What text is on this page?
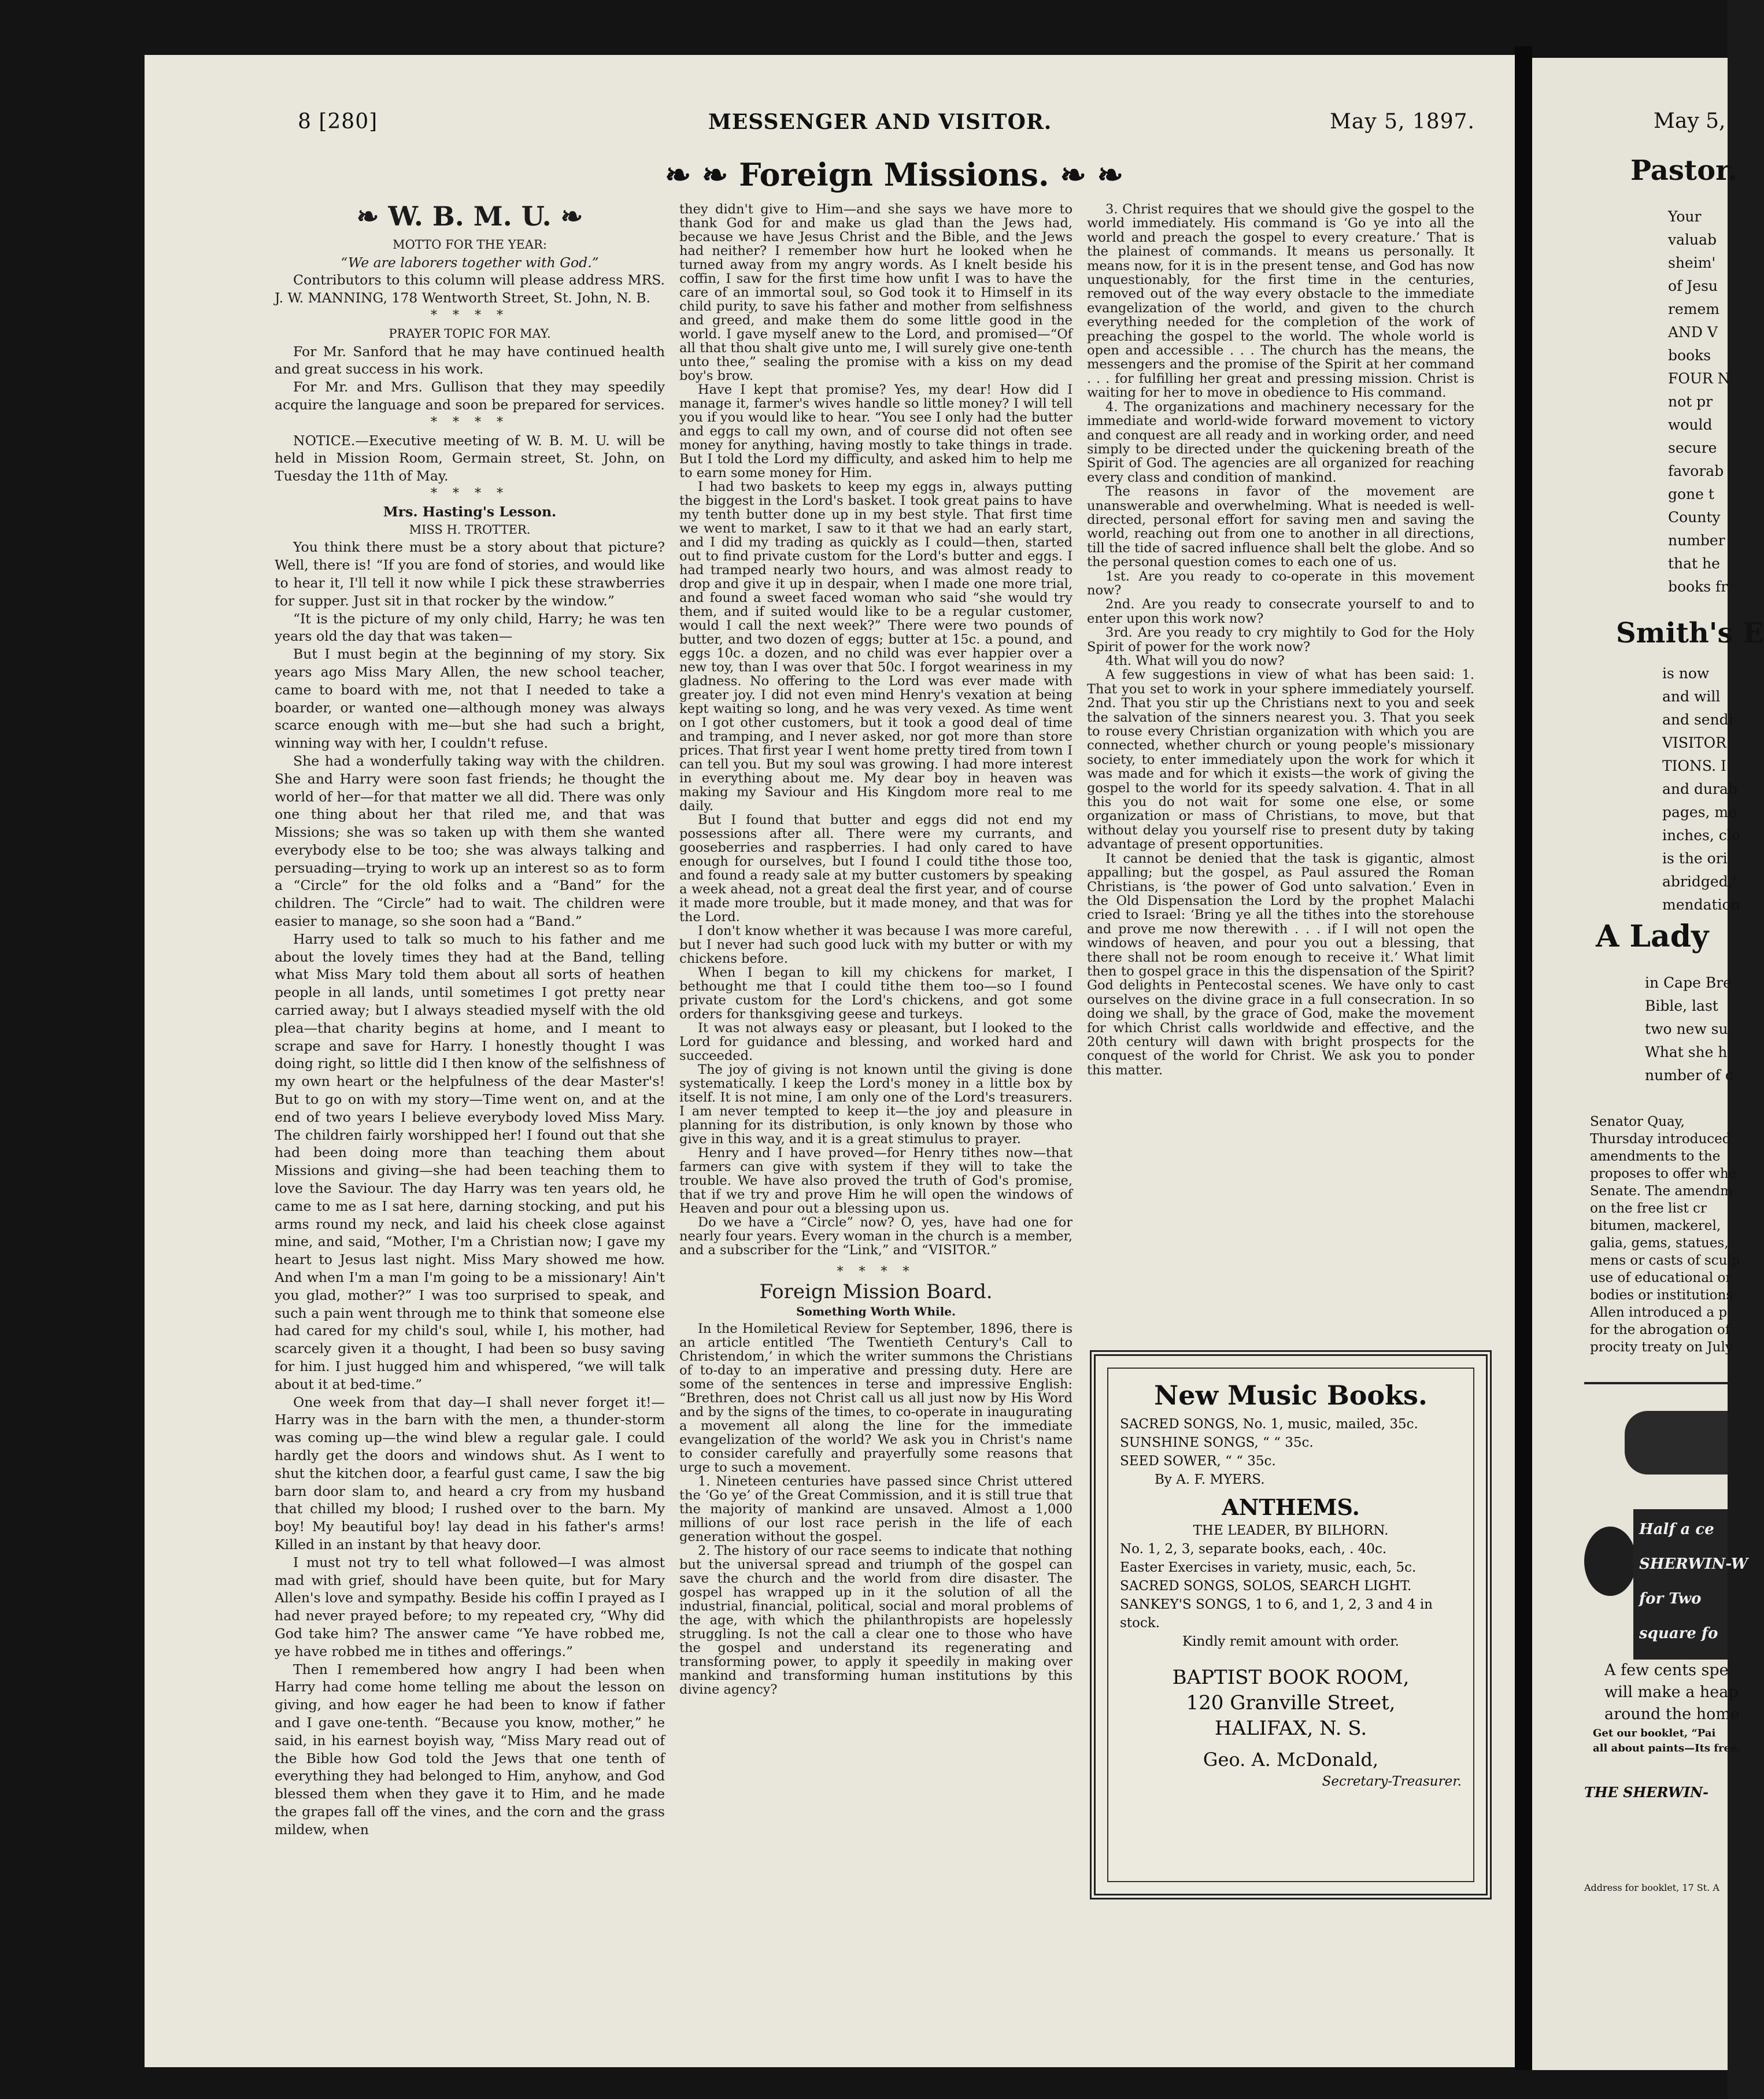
8 [280]	MESSENGER AND VISITOR.	May 5, 1897.
❧ ❧ Foreign Missions. ❧ ❧
❧ W. B. M. U. ❧

MOTTO FOR THE YEAR:

“We are laborers together with God.”

Contributors to this column will please address MRS. J. W. MANNING, 178 Wentworth Street, St. John, N. B.

* * * *

PRAYER TOPIC FOR MAY.

For Mr. Sanford that he may have continued health and great success in his work.

For Mr. and Mrs. Gullison that they may speedily acquire the language and soon be prepared for services.

* * * *

NOTICE.—Executive meeting of W. B. M. U. will be held in Mission Room, Germain street, St. John, on Tuesday the 11th of May.

* * * *

Mrs. Hasting's Lesson.

MISS H. TROTTER.

You think there must be a story about that picture? Well, there is! “If you are fond of stories, and would like to hear it, I'll tell it now while I pick these strawberries for supper. Just sit in that rocker by the window.”

“It is the picture of my only child, Harry; he was ten years old the day that was taken—

But I must begin at the beginning of my story. Six years ago Miss Mary Allen, the new school teacher, came to board with me, not that I needed to take a boarder, or wanted one—although money was always scarce enough with me—but she had such a bright, winning way with her, I couldn't refuse.

She had a wonderfully taking way with the children. She and Harry were soon fast friends; he thought the world of her—for that matter we all did. There was only one thing about her that riled me, and that was Missions; she was so taken up with them she wanted everybody else to be too; she was always talking and persuading—trying to work up an interest so as to form a “Circle” for the old folks and a “Band” for the children. The “Circle” had to wait. The children were easier to manage, so she soon had a “Band.”

Harry used to talk so much to his father and me about the lovely times they had at the Band, telling what Miss Mary told them about all sorts of heathen people in all lands, until sometimes I got pretty near carried away; but I always steadied myself with the old plea—that charity begins at home, and I meant to scrape and save for Harry. I honestly thought I was doing right, so little did I then know of the selfishness of my own heart or the helpfulness of the dear Master's! But to go on with my story—Time went on, and at the end of two years I believe everybody loved Miss Mary. The children fairly worshipped her! I found out that she had been doing more than teaching them about Missions and giving—she had been teaching them to love the Saviour. The day Harry was ten years old, he came to me as I sat here, darning stocking, and put his arms round my neck, and laid his cheek close against mine, and said, “Mother, I'm a Christian now; I gave my heart to Jesus last night. Miss Mary showed me how. And when I'm a man I'm going to be a missionary! Ain't you glad, mother?” I was too surprised to speak, and such a pain went through me to think that someone else had cared for my child's soul, while I, his mother, had scarcely given it a thought, I had been so busy saving for him. I just hugged him and whispered, “we will talk about it at bed-time.”

One week from that day—I shall never forget it!—Harry was in the barn with the men, a thunder-storm was coming up—the wind blew a regular gale. I could hardly get the doors and windows shut. As I went to shut the kitchen door, a fearful gust came, I saw the big barn door slam to, and heard a cry from my husband that chilled my blood; I rushed over to the barn. My boy! My beautiful boy! lay dead in his father's arms! Killed in an instant by that heavy door.

I must not try to tell what followed—I was almost mad with grief, should have been quite, but for Mary Allen's love and sympathy. Beside his coffin I prayed as I had never prayed before; to my repeated cry, “Why did God take him? The answer came “Ye have robbed me, ye have robbed me in tithes and offerings.”

Then I remembered how angry I had been when Harry had come home telling me about the lesson on giving, and how eager he had been to know if father and I gave one-tenth. “Because you know, mother,” he said, in his earnest boyish way, “Miss Mary read out of the Bible how God told the Jews that one tenth of everything they had belonged to Him, anyhow, and God blessed them when they gave it to Him, and he made the grapes fall off the vines, and the corn and the grass mildew, when

they didn't give to Him—and she says we have more to thank God for and make us glad than the Jews had, because we have Jesus Christ and the Bible, and the Jews had neither? I remember how hurt he looked when he turned away from my angry words. As I knelt beside his coffin, I saw for the first time how unfit I was to have the care of an immortal soul, so God took it to Himself in its child purity, to save his father and mother from selfishness and greed, and make them do some little good in the world. I gave myself anew to the Lord, and promised—“Of all that thou shalt give unto me, I will surely give one-tenth unto thee,” sealing the promise with a kiss on my dead boy's brow.

Have I kept that promise? Yes, my dear! How did I manage it, farmer's wives handle so little money? I will tell you if you would like to hear. “You see I only had the butter and eggs to call my own, and of course did not often see money for anything, having mostly to take things in trade. But I told the Lord my difficulty, and asked him to help me to earn some money for Him.

I had two baskets to keep my eggs in, always putting the biggest in the Lord's basket. I took great pains to have my tenth butter done up in my best style. That first time we went to market, I saw to it that we had an early start, and I did my trading as quickly as I could—then, started out to find private custom for the Lord's butter and eggs. I had tramped nearly two hours, and was almost ready to drop and give it up in despair, when I made one more trial, and found a sweet faced woman who said “she would try them, and if suited would like to be a regular customer, would I call the next week?” There were two pounds of butter, and two dozen of eggs; butter at 15c. a pound, and eggs 10c. a dozen, and no child was ever happier over a new toy, than I was over that 50c. I forgot weariness in my gladness. No offering to the Lord was ever made with greater joy. I did not even mind Henry's vexation at being kept waiting so long, and he was very vexed. As time went on I got other customers, but it took a good deal of time and tramping, and I never asked, nor got more than store prices. That first year I went home pretty tired from town I can tell you. But my soul was growing. I had more interest in everything about me. My dear boy in heaven was making my Saviour and His Kingdom more real to me daily.

But I found that butter and eggs did not end my possessions after all. There were my currants, and gooseberries and raspberries. I had only cared to have enough for ourselves, but I found I could tithe those too, and found a ready sale at my butter customers by speaking a week ahead, not a great deal the first year, and of course it made more trouble, but it made money, and that was for the Lord.

I don't know whether it was because I was more careful, but I never had such good luck with my butter or with my chickens before.

When I began to kill my chickens for market, I bethought me that I could tithe them too—so I found private custom for the Lord's chickens, and got some orders for thanksgiving geese and turkeys.

It was not always easy or pleasant, but I looked to the Lord for guidance and blessing, and worked hard and succeeded.

The joy of giving is not known until the giving is done systematically. I keep the Lord's money in a little box by itself. It is not mine, I am only one of the Lord's treasurers. I am never tempted to keep it—the joy and pleasure in planning for its distribution, is only known by those who give in this way, and it is a great stimulus to prayer.

Henry and I have proved—for Henry tithes now—that farmers can give with system if they will to take the trouble. We have also proved the truth of God's promise, that if we try and prove Him he will open the windows of Heaven and pour out a blessing upon us.

Do we have a “Circle” now? O, yes, have had one for nearly four years. Every woman in the church is a member, and a subscriber for the “Link,” and “VISITOR.”

* * * *

Foreign Mission Board.

Something Worth While.

In the Homiletical Review for September, 1896, there is an article entitled ‘The Twentieth Century's Call to Christendom,’ in which the writer summons the Christians of to-day to an imperative and pressing duty. Here are some of the sentences in terse and impressive English: “Brethren, does not Christ call us all just now by His Word and by the signs of the times, to co-operate in inaugurating a movement all along the line for the immediate evangelization of the world? We ask you in Christ's name to consider carefully and prayerfully some reasons that urge to such a movement.

1. Nineteen centuries have passed since Christ uttered the ‘Go ye’ of the Great Commission, and it is still true that the majority of mankind are unsaved. Almost a 1,000 millions of our lost race perish in the life of each generation without the gospel.

2. The history of our race seems to indicate that nothing but the universal spread and triumph of the gospel can save the church and the world from dire disaster. The gospel has wrapped up in it the solution of all the industrial, financial, political, social and moral problems of the age, with which the philanthropists are hopelessly struggling. Is not the call a clear one to those who have the gospel and understand its regenerating and transforming power, to apply it speedily in making over mankind and transforming human institutions by this divine agency?

3. Christ requires that we should give the gospel to the world immediately. His command is ‘Go ye into all the world and preach the gospel to every creature.’ That is the plainest of commands. It means us personally. It means now, for it is in the present tense, and God has now unquestionably, for the first time in the centuries, removed out of the way every obstacle to the immediate evangelization of the world, and given to the church everything needed for the completion of the work of preaching the gospel to the world. The whole world is open and accessible . . . The church has the means, the messengers and the promise of the Spirit at her command . . . for fulfilling her great and pressing mission. Christ is waiting for her to move in obedience to His command.

4. The organizations and machinery necessary for the immediate and world-wide forward movement to victory and conquest are all ready and in working order, and need simply to be directed under the quickening breath of the Spirit of God. The agencies are all organized for reaching every class and condition of mankind.

The reasons in favor of the movement are unanswerable and overwhelming. What is needed is well-directed, personal effort for saving men and saving the world, reaching out from one to another in all directions, till the tide of sacred influence shall belt the globe. And so the personal question comes to each one of us.

1st. Are you ready to co-operate in this movement now?

2nd. Are you ready to consecrate yourself to and to enter upon this work now?

3rd. Are you ready to cry mightily to God for the Holy Spirit of power for the work now?

4th. What will you do now?

A few suggestions in view of what has been said: 1. That you set to work in your sphere immediately yourself. 2nd. That you stir up the Christians next to you and seek the salvation of the sinners nearest you. 3. That you seek to rouse every Christian organization with which you are connected, whether church or young people's missionary society, to enter immediately upon the work for which it was made and for which it exists—the work of giving the gospel to the world for its speedy salvation. 4. That in all this you do not wait for some one else, or some organization or mass of Christians, to move, but that without delay you yourself rise to present duty by taking advantage of present opportunities.

It cannot be denied that the task is gigantic, almost appalling; but the gospel, as Paul assured the Roman Christians, is ‘the power of God unto salvation.’ Even in the Old Dispensation the Lord by the prophet Malachi cried to Israel: ‘Bring ye all the tithes into the storehouse and prove me now therewith . . . if I will not open the windows of heaven, and pour you out a blessing, that there shall not be room enough to receive it.’ What limit then to gospel grace in this the dispensation of the Spirit? God delights in Pentecostal scenes. We have only to cast ourselves on the divine grace in a full consecration. In so doing we shall, by the grace of God, make the movement for which Christ calls worldwide and effective, and the 20th century will dawn with bright prospects for the conquest of the world for Christ. We ask you to ponder this matter.

New Music Books.
SACRED SONGS, No. 1, music, mailed, 35c.
SUNSHINE SONGS, “ “ 35c.
SEED SOWER, “ “ 35c.
By A. F. MYERS.
ANTHEMS.
THE LEADER, BY BILHORN.
No. 1, 2, 3, separate books, each, . 40c.
Easter Exercises in variety, music, each, 5c.
SACRED SONGS, SOLOS, SEARCH LIGHT.
SANKEY'S SONGS, 1 to 6, and 1, 2, 3 and 4 in stock.
Kindly remit amount with order.
BAPTIST BOOK ROOM,
120 Granville Street,
HALIFAX, N. S.
Geo. A. McDonald,
Secretary-Treasurer.
May 5,
Pastor.

Your

valuab

sheim'

of Jesu

remem

AND V

books

FOUR N

not pr

would

secure

favorab

gone t

County

number

that he

books fr

Smith's E

is now

and will

and sendi

VISITOR

TIONS. I

and durab

pages, me

inches, clo

is the ori

abridged,'

mendation

A Lady

in Cape Bre

Bible, last

two new su

What she h

number of c

Senator Quay,

Thursday introduced

amendments to the

proposes to offer whe

Senate. The amendm

on the free list cr

bitumen, mackerel,

galia, gems, statues,

mens or casts of sculp

use of educational or

bodies or institutions

Allen introduced a p

for the abrogation of

procity treaty on July

Half a ce

SHERWIN-W

for Two

square fo

A few cents spe

will make a heap

around the home

Get our booklet, “Pai

all about paints—Its free.

THE SHERWIN-
Address for booklet, 17 St. A
